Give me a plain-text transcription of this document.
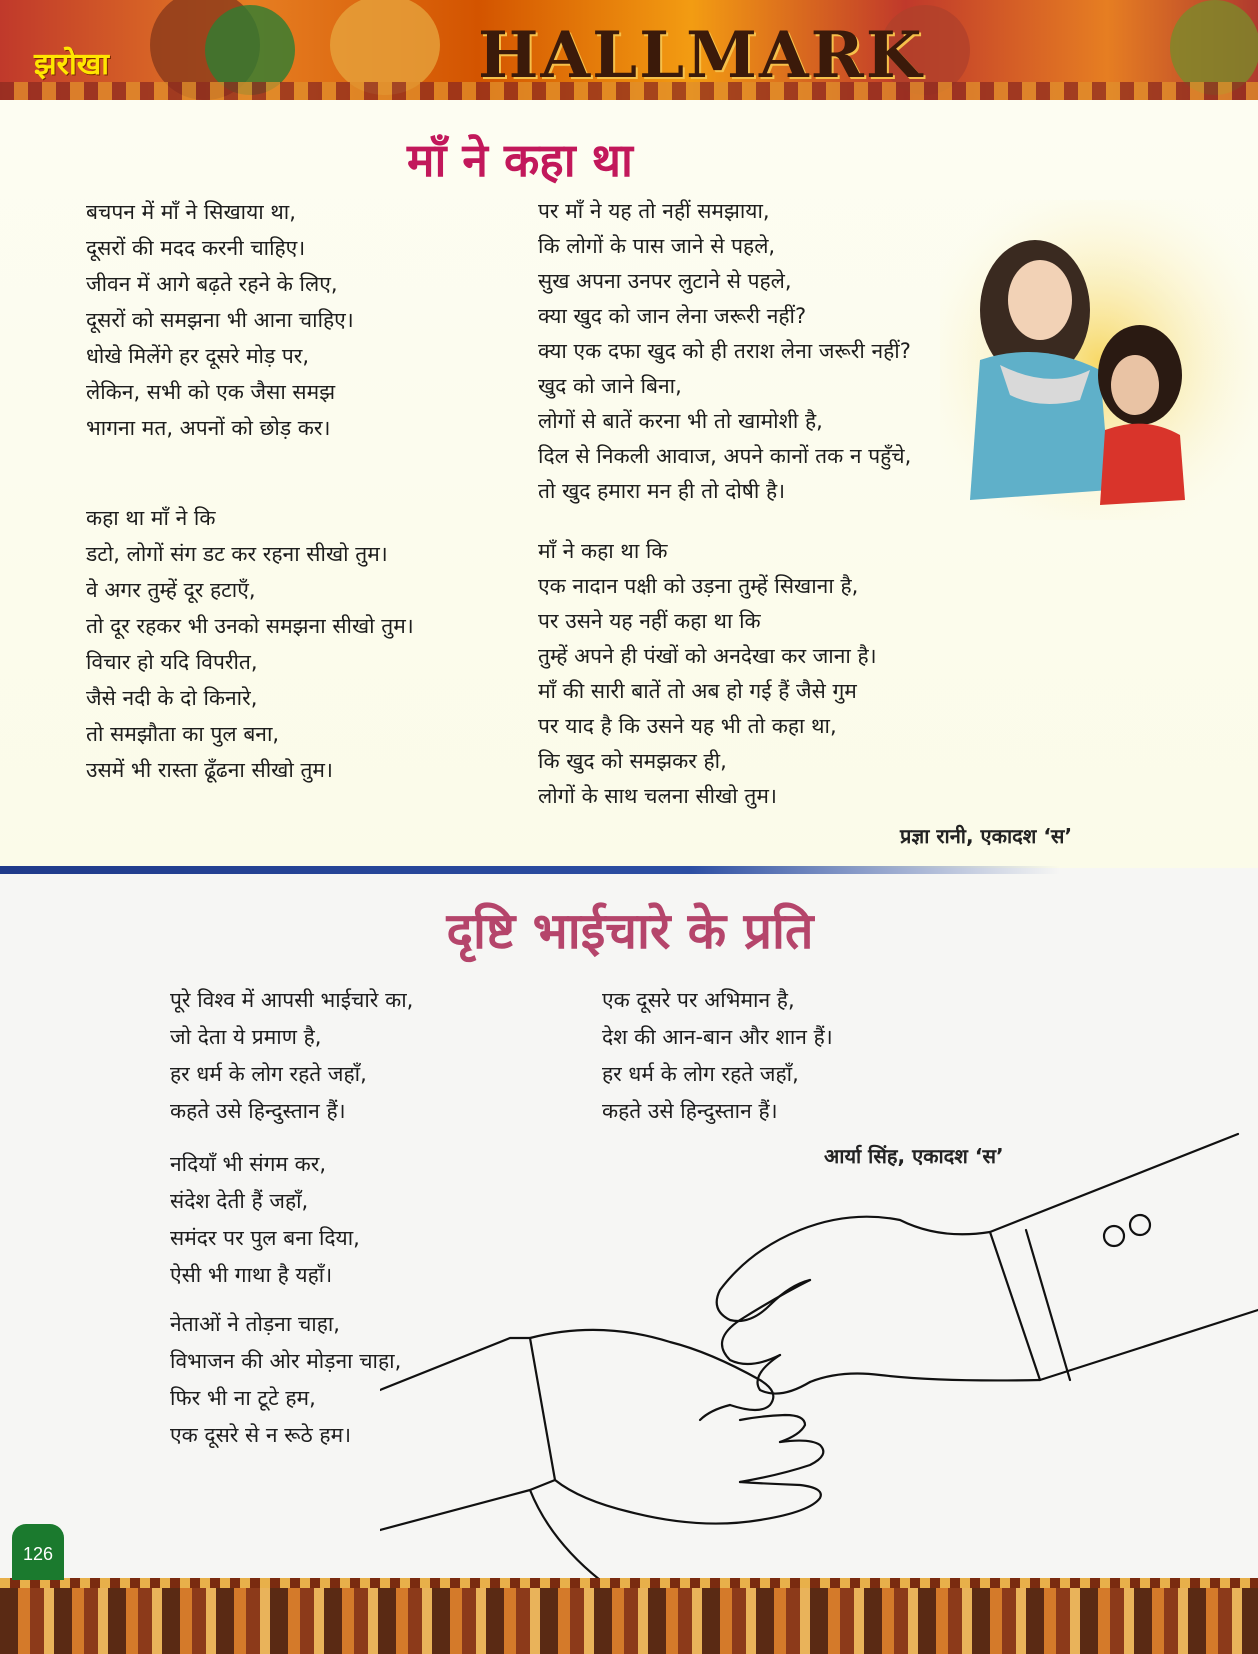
झरोखा	HALLMARK
माँ ने कहा था
बचपन में माँ ने सिखाया था,
दूसरों की मदद करनी चाहिए।
जीवन में आगे बढ़ते रहने के लिए,
दूसरों को समझना भी आना चाहिए।
धोखे मिलेंगे हर दूसरे मोड़ पर,
लेकिन, सभी को एक जैसा समझ
भागना मत, अपनों को छोड़ कर।
कहा था माँ ने कि
डटो, लोगों संग डट कर रहना सीखो तुम।
वे अगर तुम्हें दूर हटाएँ,
तो दूर रहकर भी उनको समझना सीखो तुम।
विचार हो यदि विपरीत,
जैसे नदी के दो किनारे,
तो समझौता का पुल बना,
उसमें भी रास्ता ढूँढना सीखो तुम।
पर माँ ने यह तो नहीं समझाया,
कि लोगों के पास जाने से पहले,
सुख अपना उनपर लुटाने से पहले,
क्या खुद को जान लेना जरूरी नहीं?
क्या एक दफा खुद को ही तराश लेना जरूरी नहीं?
खुद को जाने बिना,
लोगों से बातें करना भी तो खामोशी है,
दिल से निकली आवाज, अपने कानों तक न पहुँचे,
तो खुद हमारा मन ही तो दोषी है।
माँ ने कहा था कि
एक नादान पक्षी को उड़ना तुम्हें सिखाना है,
पर उसने यह नहीं कहा था कि
तुम्हें अपने ही पंखों को अनदेखा कर जाना है।
माँ की सारी बातें तो अब हो गई हैं जैसे गुम
पर याद है कि उसने यह भी तो कहा था,
कि खुद को समझकर ही,
लोगों के साथ चलना सीखो तुम।
प्रज्ञा रानी, एकादश ‘स’
दृष्टि भाईचारे के प्रति
पूरे विश्व में आपसी भाईचारे का,
जो देता ये प्रमाण है,
हर धर्म के लोग रहते जहाँ,
कहते उसे हिन्दुस्तान हैं।
नदियाँ भी संगम कर,
संदेश देती हैं जहाँ,
समंदर पर पुल बना दिया,
ऐसी भी गाथा है यहाँ।
नेताओं ने तोड़ना चाहा,
विभाजन की ओर मोड़ना चाहा,
फिर भी ना टूटे हम,
एक दूसरे से न रूठे हम।
एक दूसरे पर अभिमान है,
देश की आन-बान और शान हैं।
हर धर्म के लोग रहते जहाँ,
कहते उसे हिन्दुस्तान हैं।
आर्या सिंह, एकादश ‘स’
126
